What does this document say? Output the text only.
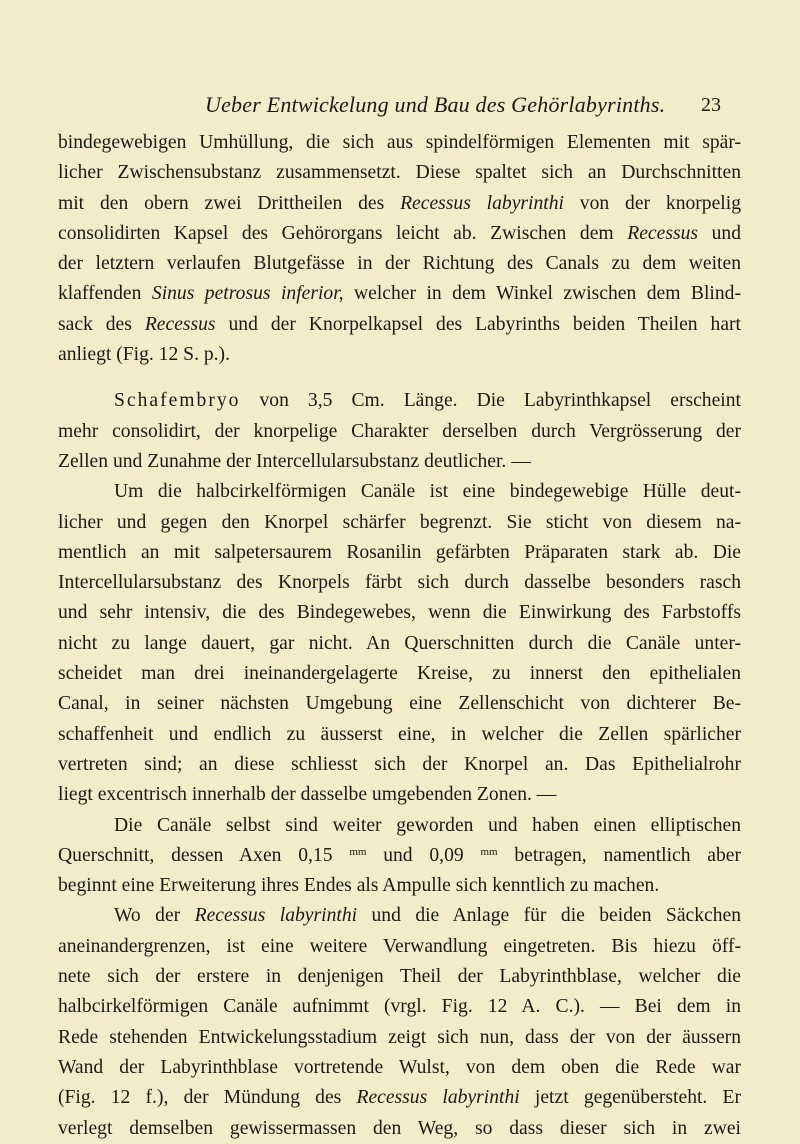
Ueber Entwickelung und Bau des Gehörlabyrinths. 23
bindegewebigen Umhüllung, die sich aus spindelförmigen Elementen mit spär-
licher Zwischensubstanz zusammensetzt. Diese spaltet sich an Durchschnitten
mit den obern zwei Drittheilen des Recessus labyrinthi von der knorpelig
consolidirten Kapsel des Gehörorgans leicht ab. Zwischen dem Recessus und
der letztern verlaufen Blutgefässe in der Richtung des Canals zu dem weiten
klaffenden Sinus petrosus inferior, welcher in dem Winkel zwischen dem Blind-
sack des Recessus und der Knorpelkapsel des Labyrinths beiden Theilen hart
anliegt (Fig. 12 S. p.).
Schafembryo von 3,5 Cm. Länge. Die Labyrinthkapsel erscheint
mehr consolidirt, der knorpelige Charakter derselben durch Vergrösserung der
Zellen und Zunahme der Intercellularsubstanz deutlicher. —
Um die halbcirkelförmigen Canäle ist eine bindegewebige Hülle deut-
licher und gegen den Knorpel schärfer begrenzt. Sie sticht von diesem na-
mentlich an mit salpetersaurem Rosanilin gefärbten Präparaten stark ab. Die
Intercellularsubstanz des Knorpels färbt sich durch dasselbe besonders rasch
und sehr intensiv, die des Bindegewebes, wenn die Einwirkung des Farbstoffs
nicht zu lange dauert, gar nicht. An Querschnitten durch die Canäle unter-
scheidet man drei ineinandergelagerte Kreise, zu innerst den epithelialen
Canal, in seiner nächsten Umgebung eine Zellenschicht von dichterer Be-
schaffenheit und endlich zu äusserst eine, in welcher die Zellen spärlicher
vertreten sind; an diese schliesst sich der Knorpel an. Das Epithelialrohr
liegt excentrisch innerhalb der dasselbe umgebenden Zonen. —
Die Canäle selbst sind weiter geworden und haben einen elliptischen
Querschnitt, dessen Axen 0,15 $^{mm}$ und 0,09 $^{mm}$ betragen, namentlich aber
beginnt eine Erweiterung ihres Endes als Ampulle sich kenntlich zu machen.
Wo der Recessus labyrinthi und die Anlage für die beiden Säckchen
aneinandergrenzen, ist eine weitere Verwandlung eingetreten. Bis hiezu öff-
nete sich der erstere in denjenigen Theil der Labyrinthblase, welcher die
halbcirkelförmigen Canäle aufnimmt (vrgl. Fig. 12 A. C.). — Bei dem in
Rede stehenden Entwickelungsstadium zeigt sich nun, dass der von der äussern
Wand der Labyrinthblase vortretende Wulst, von dem oben die Rede war
(Fig. 12 f.), der Mündung des Recessus labyrinthi jetzt gegenübersteht. Er
verlegt demselben gewissermassen den Weg, so dass dieser sich in zwei
